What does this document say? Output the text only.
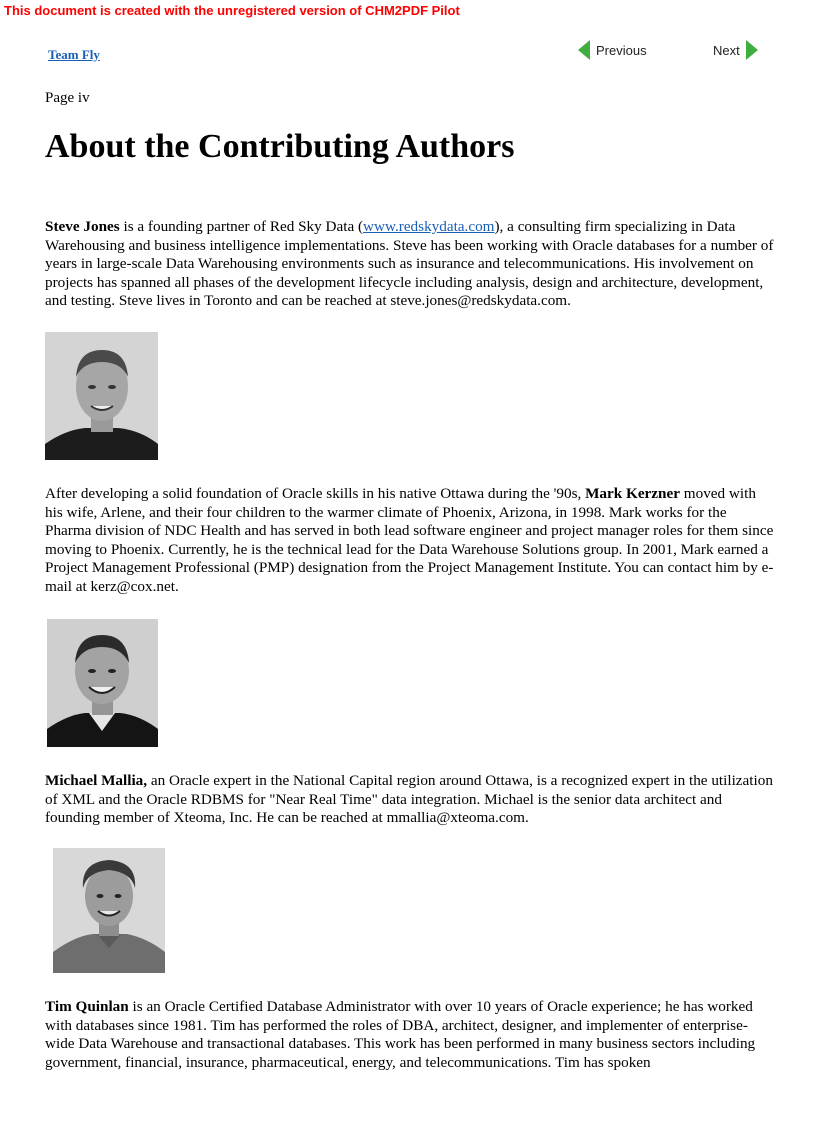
This document is created with the unregistered version of CHM2PDF Pilot
Team Fly	Previous	Next
Page iv
About the Contributing Authors

Steve Jones is a founding partner of Red Sky Data (www.redskydata.com), a consulting firm specializing in Data Warehousing and business intelligence implementations. Steve has been working with Oracle databases for a number of years in large-scale Data Warehousing environments such as insurance and telecommunications. His involvement on projects has spanned all phases of the development lifecycle including analysis, design and architecture, development, and testing. Steve lives in Toronto and can be reached at steve.jones@redskydata.com.

After developing a solid foundation of Oracle skills in his native Ottawa during the '90s, Mark Kerzner moved with his wife, Arlene, and their four children to the warmer climate of Phoenix, Arizona, in 1998. Mark works for the Pharma division of NDC Health and has served in both lead software engineer and project manager roles for them since moving to Phoenix. Currently, he is the technical lead for the Data Warehouse Solutions group. In 2001, Mark earned a Project Management Professional (PMP) designation from the Project Management Institute. You can contact him by e-mail at kerz@cox.net.

Michael Mallia, an Oracle expert in the National Capital region around Ottawa, is a recognized expert in the utilization of XML and the Oracle RDBMS for "Near Real Time" data integration. Michael is the senior data architect and founding member of Xteoma, Inc. He can be reached at mmallia@xteoma.com.

Tim Quinlan is an Oracle Certified Database Administrator with over 10 years of Oracle experience; he has worked with databases since 1981. Tim has performed the roles of DBA, architect, designer, and implementer of enterprise-wide Data Warehouse and transactional databases. This work has been performed in many business sectors including government, financial, insurance, pharmaceutical, energy, and telecommunications. Tim has spoken
